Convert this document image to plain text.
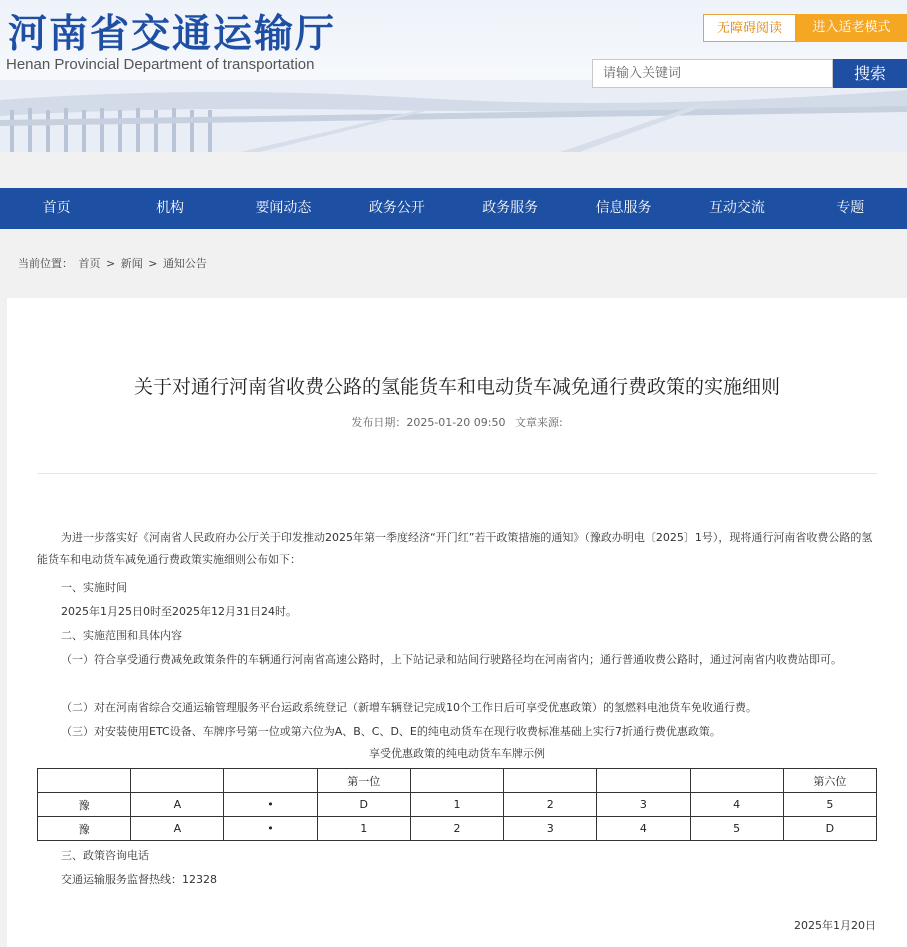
河南省交通运输厅
Henan Provincial Department of transportation
无障碍阅读	进入适老模式
请输入关键词
搜索
首页	机构	要闻动态	政务公开	政务服务	信息服务	互动交流	专题
当前位置： 首页 > 新闻 > 通知公告
关于对通行河南省收费公路的氢能货车和电动货车减免通行费政策的实施细则
发布日期：2025-01-20 09:50 文章来源:
为进一步落实好《河南省人民政府办公厅关于印发推动2025年第一季度经济“开门红”若干政策措施的通知》（豫政办明电〔2025〕1号），现将通行河南省收费公路的氢能货车和电动货车减免通行费政策实施细则公布如下：
一、实施时间
2025年1月25日0时至2025年12月31日24时。
二、实施范围和具体内容
（一）符合享受通行费减免政策条件的车辆通行河南省高速公路时，上下站记录和站间行驶路径均在河南省内；通行普通收费公路时，通过河南省内收费站即可。
（二）对在河南省综合交通运输管理服务平台运政系统登记（新增车辆登记完成10个工作日后可享受优惠政策）的氢燃料电池货车免收通行费。
（三）对安装使用ETC设备、车牌序号第一位或第六位为A、B、C、D、E的纯电动货车在现行收费标准基础上实行7折通行费优惠政策。
享受优惠政策的纯电动货车车牌示例
			第一位					第六位
豫	A	•	D	1	2	3	4	5
豫	A	•	1	2	3	4	5	D
三、政策咨询电话
交通运输服务监督热线：12328
2025年1月20日
